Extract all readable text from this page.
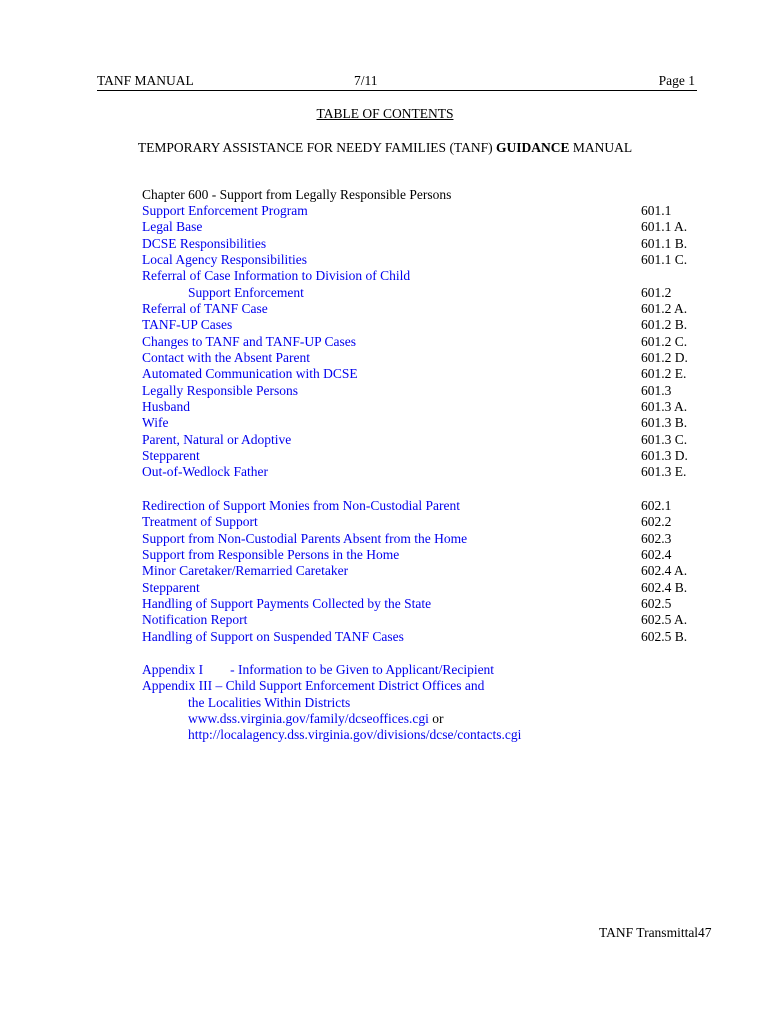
TANF MANUAL	7/11	Page 1
TABLE OF CONTENTS
TEMPORARY ASSISTANCE FOR NEEDY FAMILIES (TANF) GUIDANCE MANUAL
Chapter 600 - Support from Legally Responsible Persons
Support Enforcement Program	601.1
Legal Base	601.1 A.
DCSE Responsibilities	601.1 B.
Local Agency Responsibilities	601.1 C.
Referral of Case Information to Division of Child
Support Enforcement	601.2
Referral of TANF Case	601.2 A.
TANF-UP Cases	601.2 B.
Changes to TANF and TANF-UP Cases	601.2 C.
Contact with the Absent Parent	601.2 D.
Automated Communication with DCSE	601.2 E.
Legally Responsible Persons	601.3
Husband	601.3 A.
Wife	601.3 B.
Parent, Natural or Adoptive	601.3 C.
Stepparent	601.3 D.
Out-of-Wedlock Father	601.3 E.
Redirection of Support Monies from Non-Custodial Parent	602.1
Treatment of Support	602.2
Support from Non-Custodial Parents Absent from the Home	602.3
Support from Responsible Persons in the Home	602.4
Minor Caretaker/Remarried Caretaker	602.4 A.
Stepparent	602.4 B.
Handling of Support Payments Collected by the State	602.5
Notification Report	602.5 A.
Handling of Support on Suspended TANF Cases	602.5 B.
Appendix I - Information to be Given to Applicant/Recipient
Appendix III – Child Support Enforcement District Offices and
the Localities Within Districts
www.dss.virginia.gov/family/dcseoffices.cgi or
http://localagency.dss.virginia.gov/divisions/dcse/contacts.cgi
TANF Transmittal47
